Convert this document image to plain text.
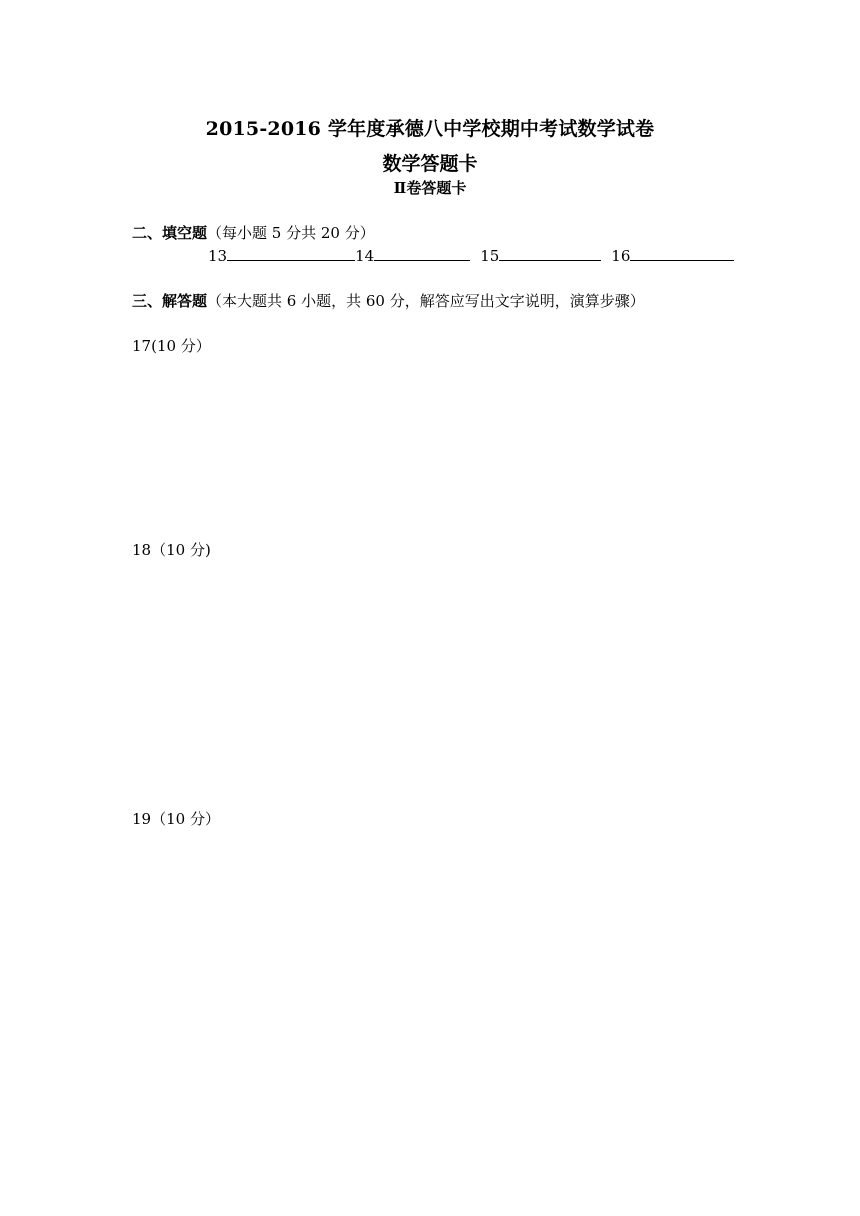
2015-2016 学年度承德八中学校期中考试数学试卷
数学答题卡
Ⅱ卷答题卡
二、填空题（每小题 5 分共 20 分）
13	14	15	16
三、解答题（本大题共 6 小题，共 60 分，解答应写出文字说明，演算步骤）
17(10 分）
18（10 分)
19（10 分）
